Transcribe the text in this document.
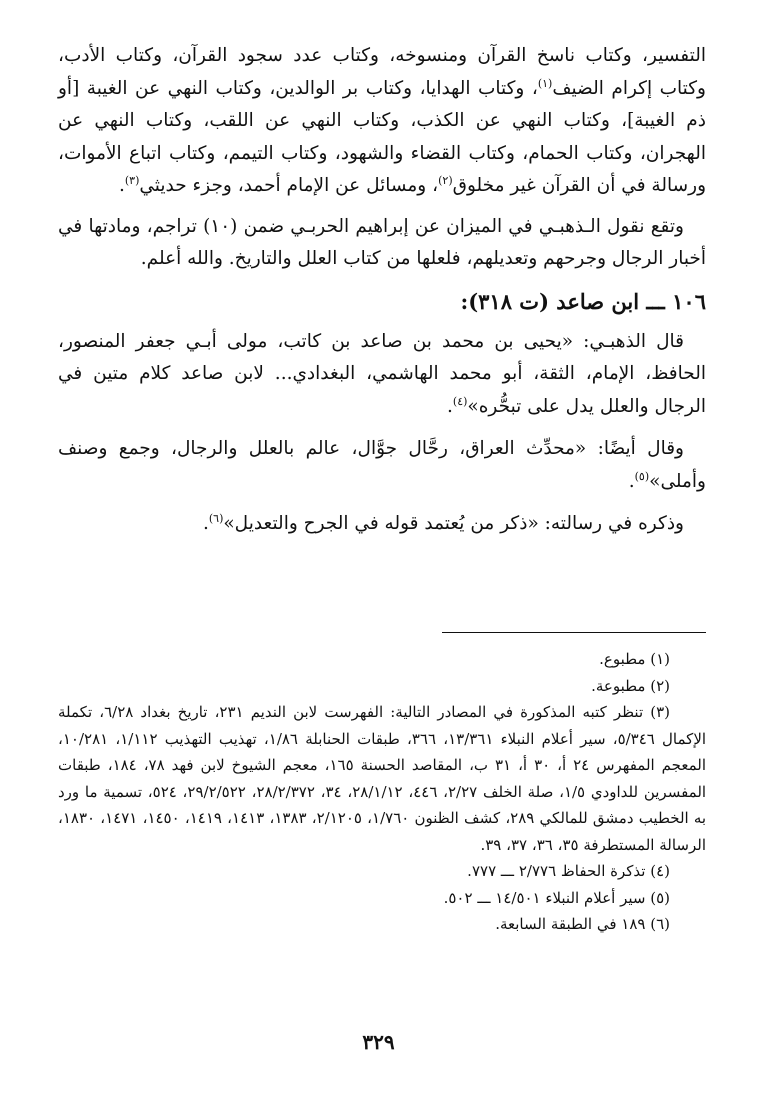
التفسير، وكتاب ناسخ القرآن ومنسوخه، وكتاب عدد سجود القرآن، وكتاب الأدب، وكتاب إكرام الضيف$^{(١)}$، وكتاب الهدايا، وكتاب بر الوالدين، وكتاب النهي عن الغيبة [أو ذم الغيبة]، وكتاب النهي عن الكذب، وكتاب النهي عن اللقب، وكتاب النهي عن الهجران، وكتاب الحمام، وكتاب القضاء والشهود، وكتاب التيمم، وكتاب اتباع الأموات، ورسالة في أن القرآن غير مخلوق$^{(٢)}$، ومسائل عن الإمام أحمد، وجزء حديثي$^{(٣)}$.

وتقع نقول الـذهبـي في الميزان عن إبراهيم الحربـي ضمن (١٠) تراجم، ومادتها في أخبار الرجال وجرحهم وتعديلهم، فلعلها من كتاب العلل والتاريخ. والله أعلم.

١٠٦ ـــ ابن صاعد (ت ٣١٨):

قال الذهبـي: «يحيى بن محمد بن صاعد بن كاتب، مولى أبـي جعفر المنصور، الحافظ، الإمام، الثقة، أبو محمد الهاشمي، البغدادي... لابن صاعد كلام متين في الرجال والعلل يدل على تبحُّره»$^{(٤)}$.

وقال أيضًا: «محدِّث العراق، رحَّال جوَّال، عالم بالعلل والرجال، وجمع وصنف وأملى»$^{(٥)}$.

وذكره في رسالته: «ذكر من يُعتمد قوله في الجرح والتعديل»$^{(٦)}$.

(١) مطبوع.

(٢) مطبوعة.

(٣) تنظر كتبه المذكورة في المصادر التالية: الفهرست لابن النديم ٢٣١، تاريخ بغداد ٦/٢٨، تكملة الإكمال ٥/٣٤٦، سير أعلام النبلاء ١٣/٣٦١، ٣٦٦، طبقات الحنابلة ١/٨٦، تهذيب التهذيب ١/١١٢، ١٠/٢٨١، المعجم المفهرس ٢٤ أ، ٣٠ أ، ٣١ ب، المقاصد الحسنة ١٦٥، معجم الشيوخ لابن فهد ٧٨، ١٨٤، طبقات المفسرين للداودي ١/٥، صلة الخلف ٢/٢٧، ٤٤٦، ٢٨/١/١٢، ٣٤، ٢٨/٢/٣٧٢، ٢٩/٢/٥٢٢، ٥٢٤، تسمية ما ورد به الخطيب دمشق للمالكي ٢٨٩، كشف الظنون ١/٧٦٠، ٢/١٢٠٥، ١٣٨٣، ١٤١٣، ١٤١٩، ١٤٥٠، ١٤٧١، ١٨٣٠، الرسالة المستطرفة ٣٥، ٣٦، ٣٧، ٣٩.

(٤) تذكرة الحفاظ ٢/٧٧٦ ـــ ٧٧٧.

(٥) سير أعلام النبلاء ١٤/٥٠١ ـــ ٥٠٢.

(٦) ١٨٩ في الطبقة السابعة.

٣٢٩
